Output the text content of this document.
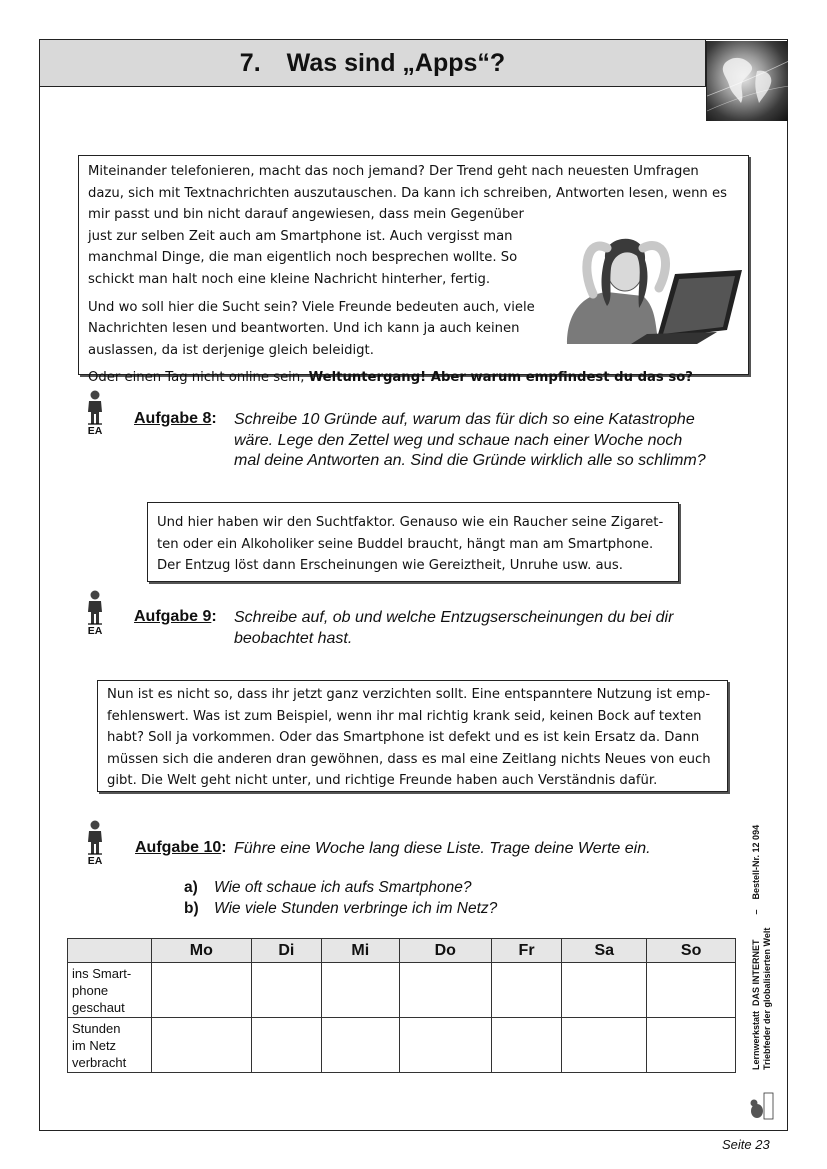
7. Was sind „Apps“?

Miteinander telefonieren, macht das noch jemand? Der Trend geht nach neuesten Umfragen

dazu, sich mit Textnachrichten auszutauschen. Da kann ich schreiben, Antworten lesen, wenn es

mir passt und bin nicht darauf angewiesen, dass mein Gegenüber just zur selben Zeit auch am Smartphone ist. Auch vergisst man manchmal Dinge, die man eigentlich noch besprechen wollte. So schickt man halt noch eine kleine Nachricht hinterher, fertig.

Und wo soll hier die Sucht sein? Viele Freunde bedeuten auch, viele Nachrichten lesen und beantworten. Und ich kann ja auch keinen auslassen, da ist derjenige gleich beleidigt.

Oder einen Tag nicht online sein, Weltuntergang! Aber warum empfindest du das so?

EA
Aufgabe 8: Schreibe 10 Gründe auf, warum das für dich so eine Katastrophe
wäre. Lege den Zettel weg und schaue nach einer Woche noch
mal deine Antworten an. Sind die Gründe wirklich alle so schlimm?

Und hier haben wir den Suchtfaktor. Genauso wie ein Raucher seine Zigaret-

ten oder ein Alkoholiker seine Buddel braucht, hängt man am Smartphone.

Der Entzug löst dann Erscheinungen wie Gereiztheit, Unruhe usw. aus.

EA
Aufgabe 9: Schreibe auf, ob und welche Entzugserscheinungen du bei dir
beobachtet hast.

Nun ist es nicht so, dass ihr jetzt ganz verzichten sollt. Eine entspanntere Nutzung ist emp-

fehlenswert. Was ist zum Beispiel, wenn ihr mal richtig krank seid, keinen Bock auf texten

habt? Soll ja vorkommen. Oder das Smartphone ist defekt und es ist kein Ersatz da. Dann

müssen sich die anderen dran gewöhnen, dass es mal eine Zeitlang nichts Neues von euch

gibt. Die Welt geht nicht unter, und richtige Freunde haben auch Verständnis dafür.

EA
Aufgabe 10: Führe eine Woche lang diese Liste. Trage deine Werte ein.
a) Wie oft schaue ich aufs Smartphone?
b) Wie viele Stunden verbringe ich im Netz?
	Mo	Di	Mi	Do	Fr	Sa	So

ins Smart-
phone
geschaut							

Stunden
im Netz
verbracht							
								Lernwerkstatt  DAS INTERNET          –    Bestell-Nr. 12 094 Triebfeder der globalisierten Welt
Seite 23
